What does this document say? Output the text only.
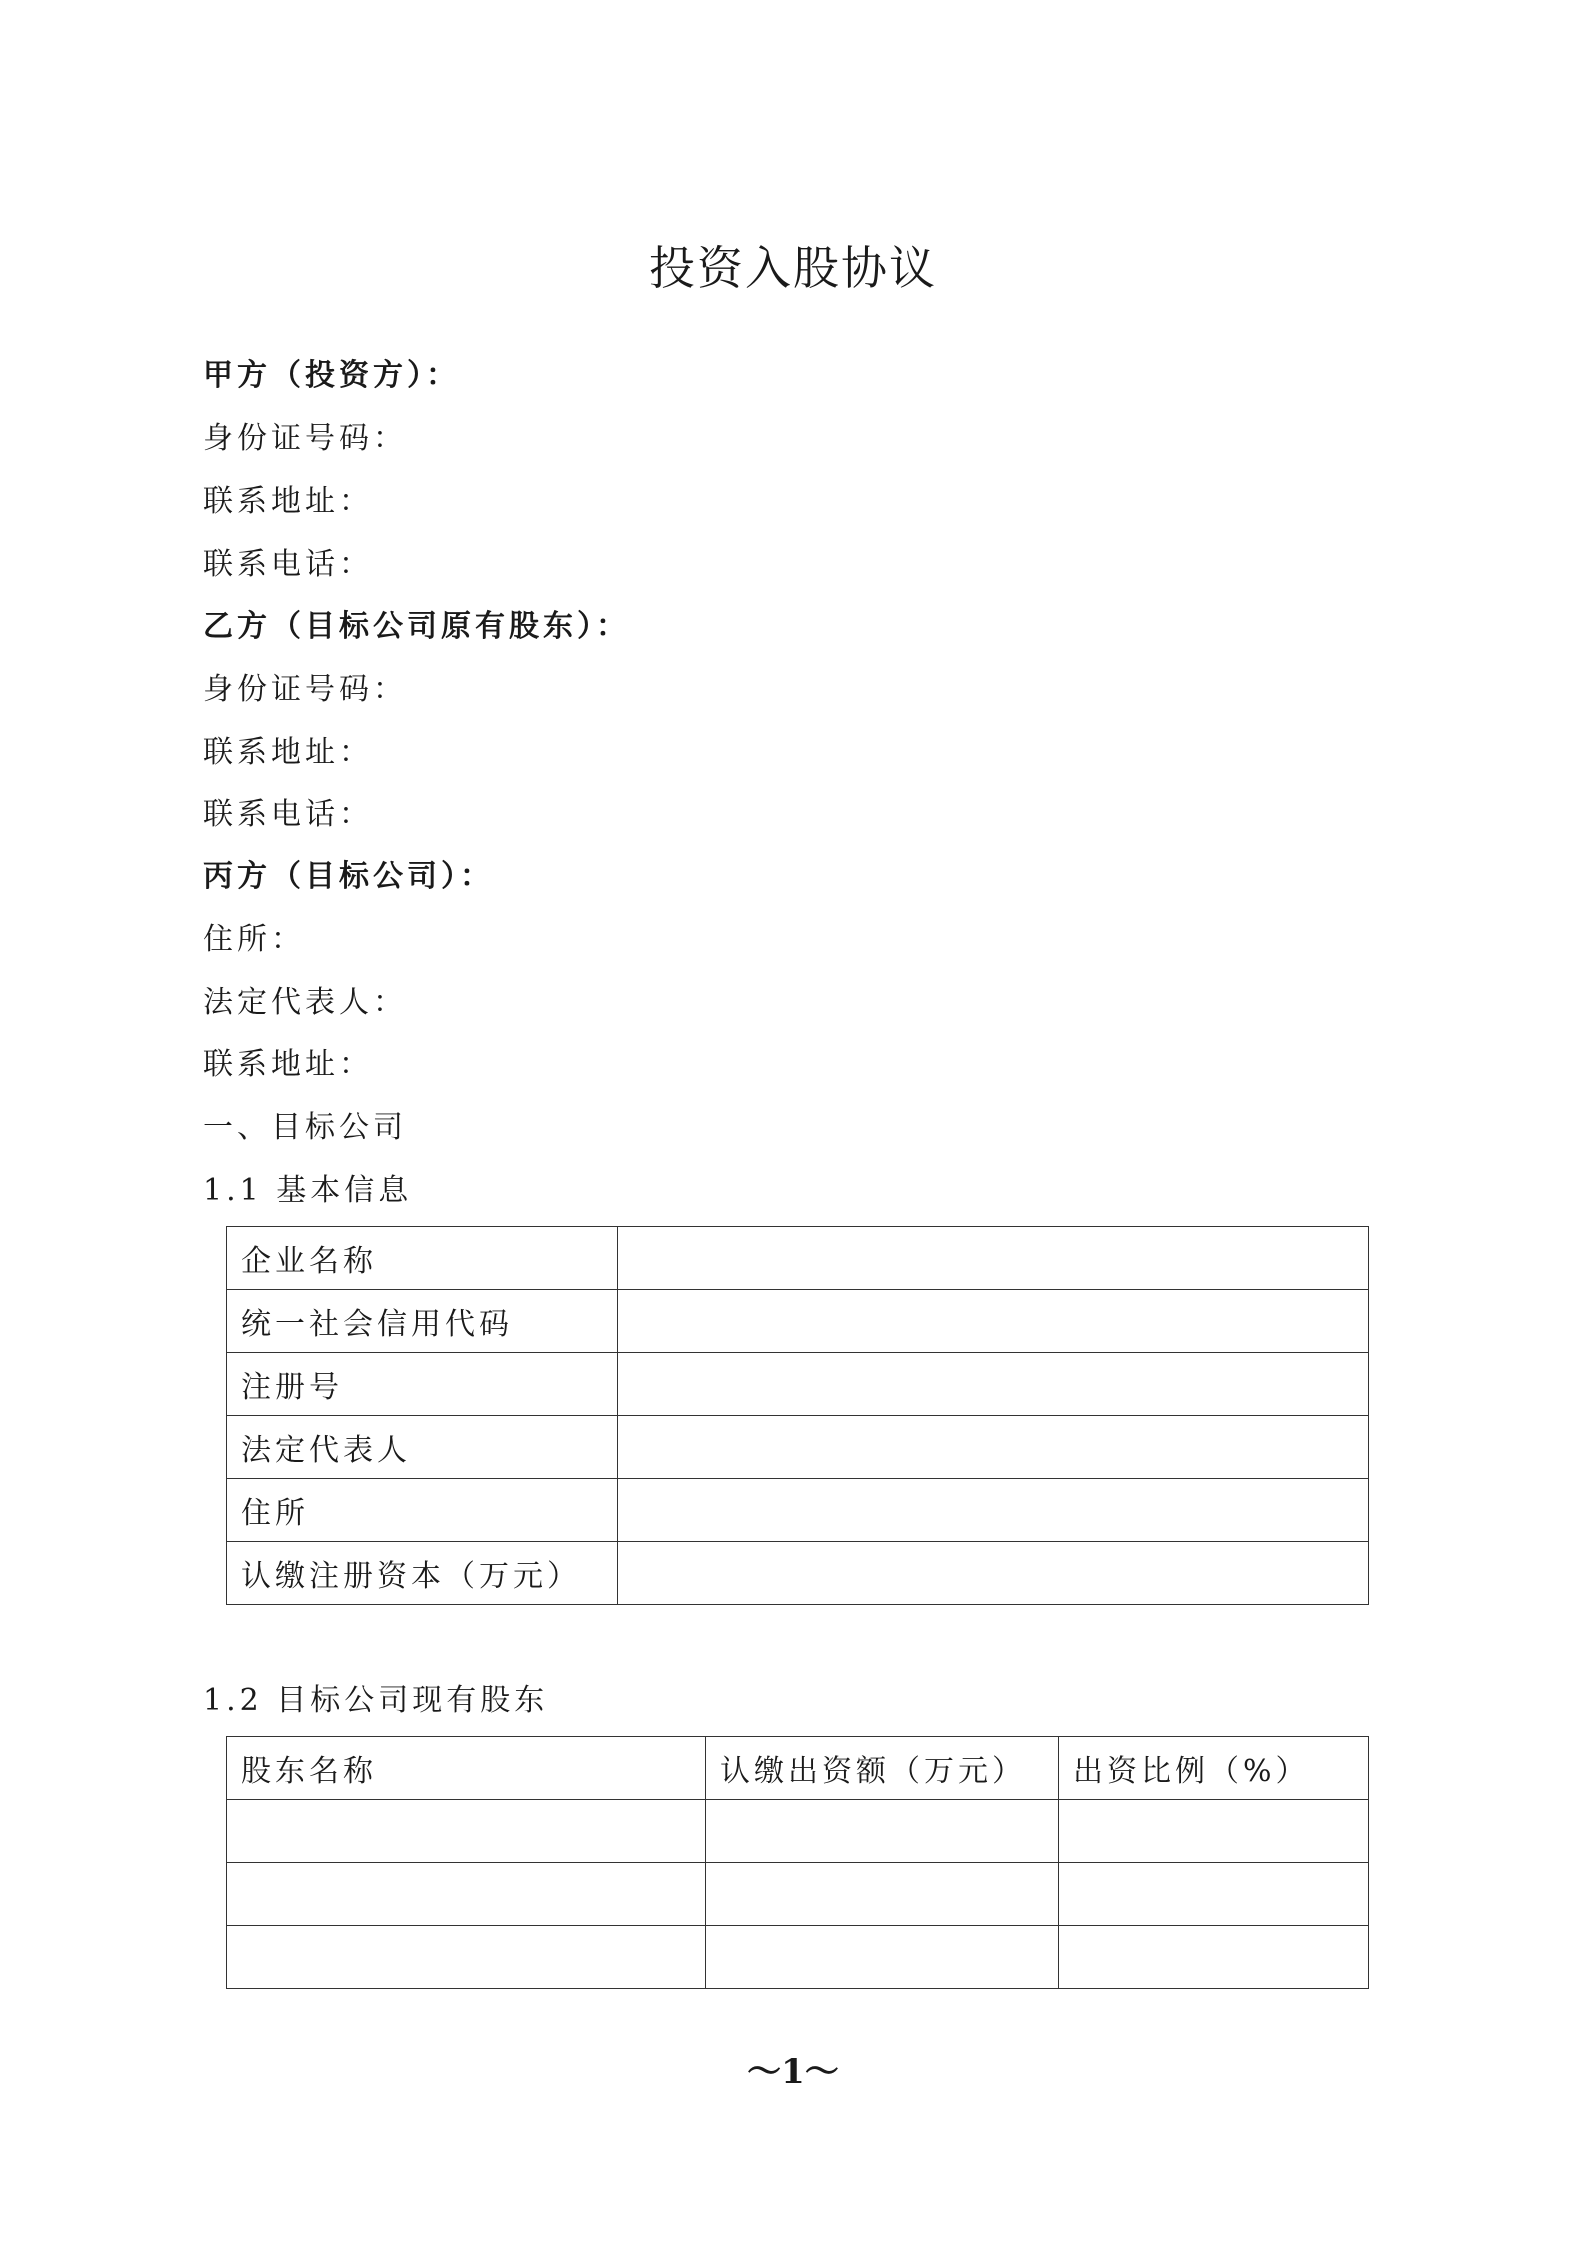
投资入股协议
甲方（投资方）：
身份证号码：
联系地址：
联系电话：
乙方（目标公司原有股东）：
身份证号码：
联系地址：
联系电话：
丙方（目标公司）：
住所：
法定代表人：
联系地址：
一、目标公司
1.1 基本信息
企业名称	
统一社会信用代码	
注册号	
法定代表人	
住所	
认缴注册资本（万元）	
1.2 目标公司现有股东
股东名称	认缴出资额（万元）	出资比例（%）

～1～
